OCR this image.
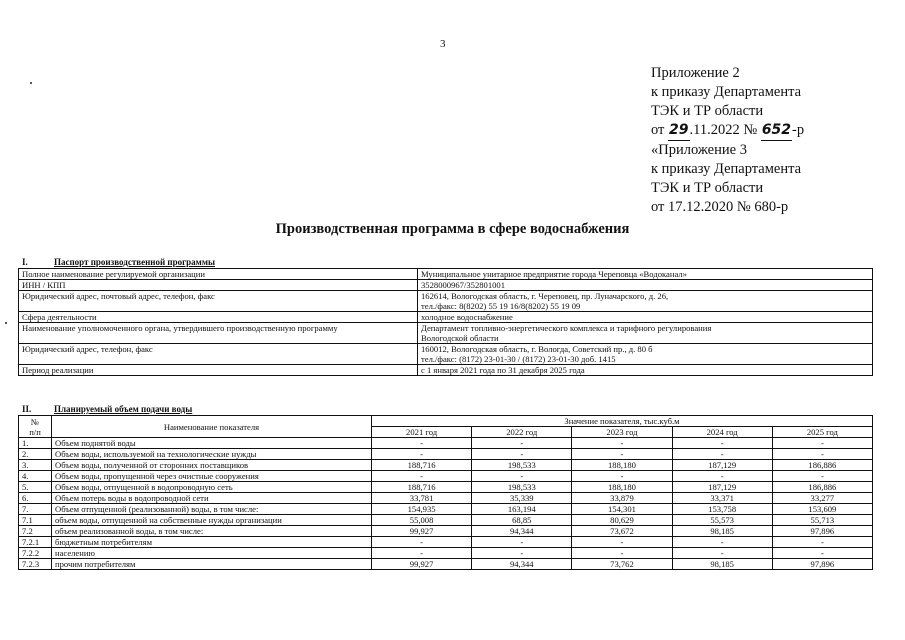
3
Приложение 2
к приказу Департамента
ТЭК и ТР области
от 29.11.2022 № 652-р
«Приложение 3
к приказу Департамента
ТЭК и ТР области
от 17.12.2020 № 680-р
Производственная программа в сфере водоснабжения
I.	Паспорт производственной программы
Полное наименование регулируемой организации	Муниципальное унитарное предприятие города Череповца «Водоканал»

ИНН / КПП	3528000967/352801001

Юридический адрес, почтовый адрес, телефон, факс	162614, Вологодская область, г. Череповец, пр. Луначарского, д. 26,
тел./факс: 8(8202) 55 19 16/8(8202) 55 19 09

Сфера деятельности	холодное водоснабжение

Наименование уполномоченного органа, утвердившего производственную программу	Департамент топливно-энергетического комплекса и тарифного регулирования
Вологодской области

Юридический адрес, телефон, факс	160012, Вологодская область, г. Вологда, Советский пр., д. 80 б
тел./факс: (8172) 23-01-30 / (8172) 23-01-30 доб. 1415

Период реализации	с 1 января 2021 года по 31 декабря 2025 года
II.	Планируемый объем подачи воды
№
п/п	Наименование показателя	Значение показателя, тыс.куб.м				
		2021 год	2022 год	2023 год	2024 год	2025 год
1.	Объем поднятой воды	-	-	-	-	-
2.	Объем воды, используемой на технологические нужды	-	-	-	-	-
3.	Объем воды, полученной от сторонних поставщиков	188,716	198,533	188,180	187,129	186,886
4.	Объем воды, пропущенной через очистные сооружения	-	-	-	-	-
5.	Объем воды, отпущенной в водопроводную сеть	188,716	198,533	188,180	187,129	186,886
6.	Объем потерь воды в водопроводной сети	33,781	35,339	33,879	33,371	33,277
7.	Объем отпущенной (реализованной) воды, в том числе:	154,935	163,194	154,301	153,758	153,609
7.1	объем воды, отпущенной на собственные нужды организации	55,008	68,85	80,629	55,573	55,713
7.2	объем реализованной воды, в том числе:	99,927	94,344	73,672	98,185	97,896
7.2.1	бюджетным потребителям	-	-	-	-	-
7.2.2	населению	-	-	-	-	-
7.2.3	прочим потребителям	99,927	94,344	73,762	98,185	97,896
